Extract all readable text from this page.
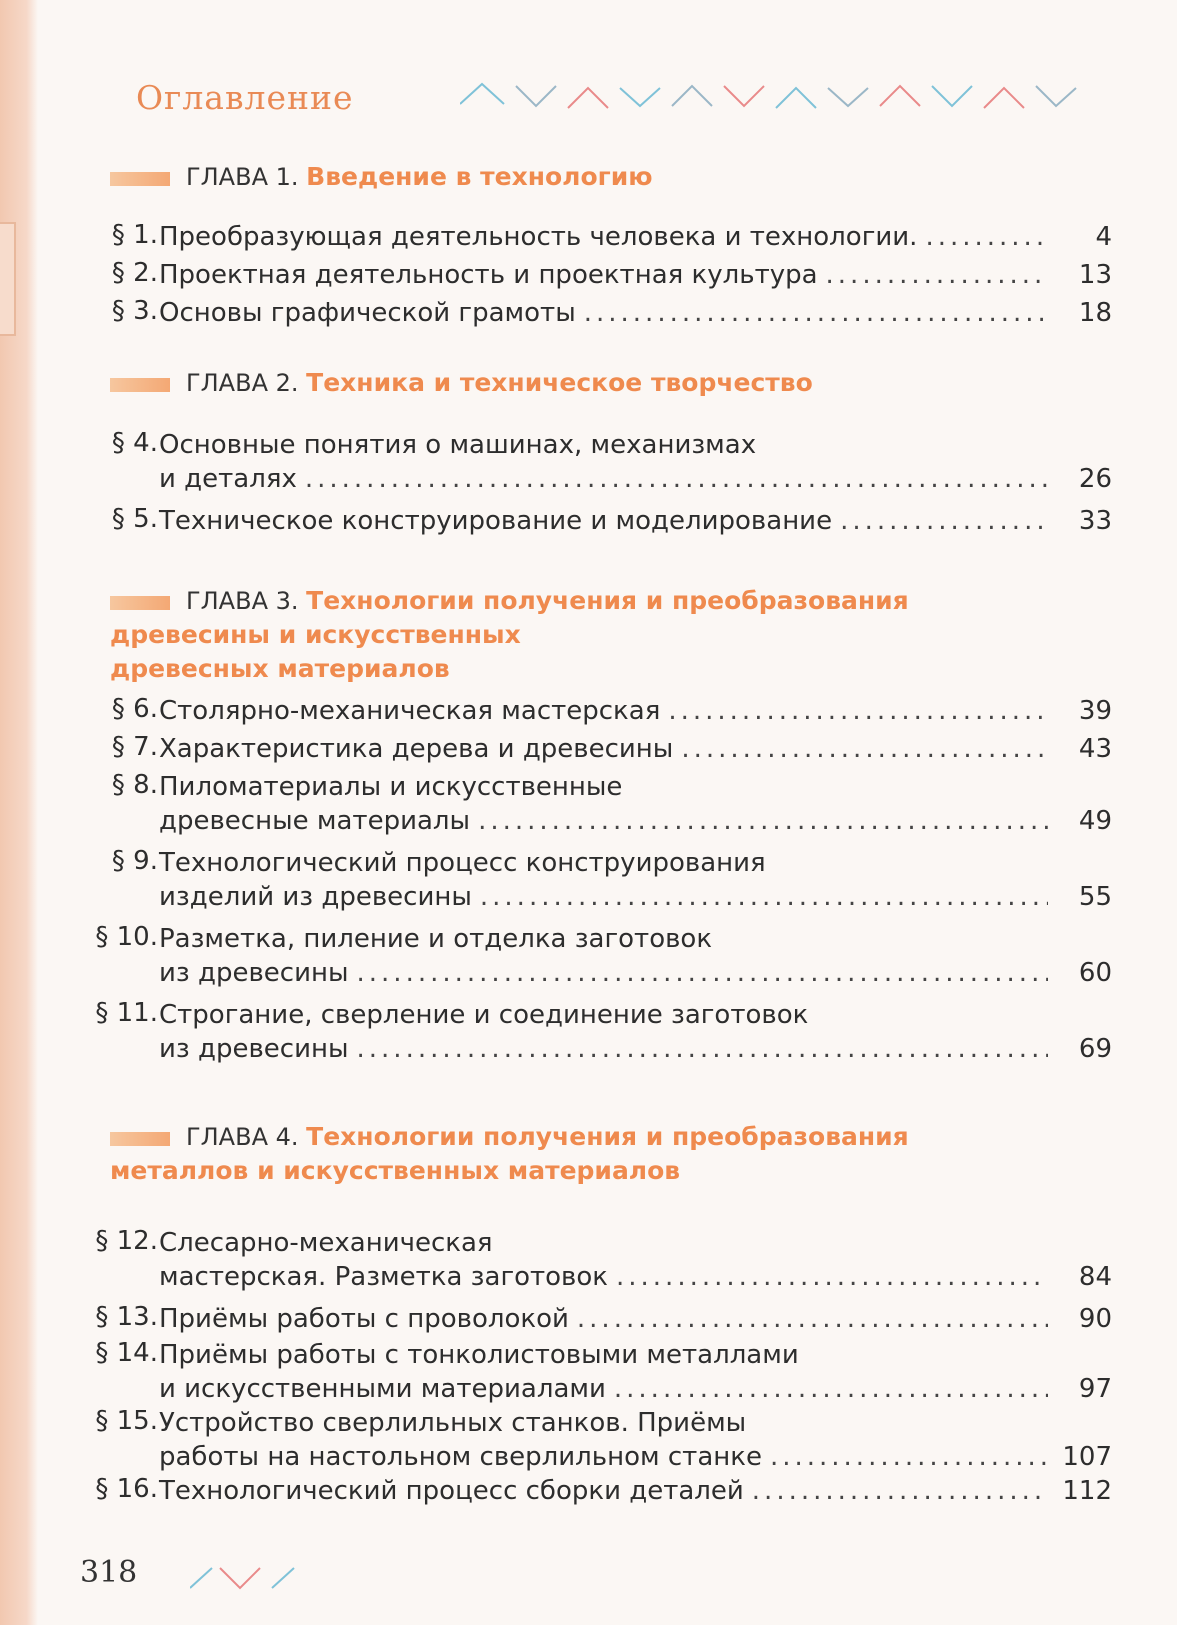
Оглавление
ГЛАВА 1. Введение в технологию
§ 1. Преобразующая деятельность человека и технологии. .....	4
§ 2. Проектная деятельность и проектная культура .....	13
§ 3. Основы графической грамоты .....	18
ГЛАВА 2. Техника и техническое творчество
§ 4. Основные понятия о машинах, механизмах
и деталях .....	26
§ 5. Техническое конструирование и моделирование .....	33
ГЛАВА 3. Технологии получения и преобразования
древесины и искусственных
древесных материалов
§ 6. Столярно-механическая мастерская .....	39
§ 7. Характеристика дерева и древесины .....	43
§ 8. Пиломатериалы и искусственные
древесные материалы .....	49
§ 9. Технологический процесс конструирования
изделий из древесины .....	55
§ 10. Разметка, пиление и отделка заготовок
из древесины .....	60
§ 11. Строгание, сверление и соединение заготовок
из древесины .....	69
ГЛАВА 4. Технологии получения и преобразования
металлов и искусственных материалов
§ 12. Слесарно-механическая
мастерская. Разметка заготовок .....	84
§ 13. Приёмы работы с проволокой .....	90
§ 14. Приёмы работы с тонколистовыми металлами
и искусственными материалами .....	97
§ 15. Устройство сверлильных станков. Приёмы
работы на настольном сверлильном станке .....	107
§ 16. Технологический процесс сборки деталей .....	112
318
